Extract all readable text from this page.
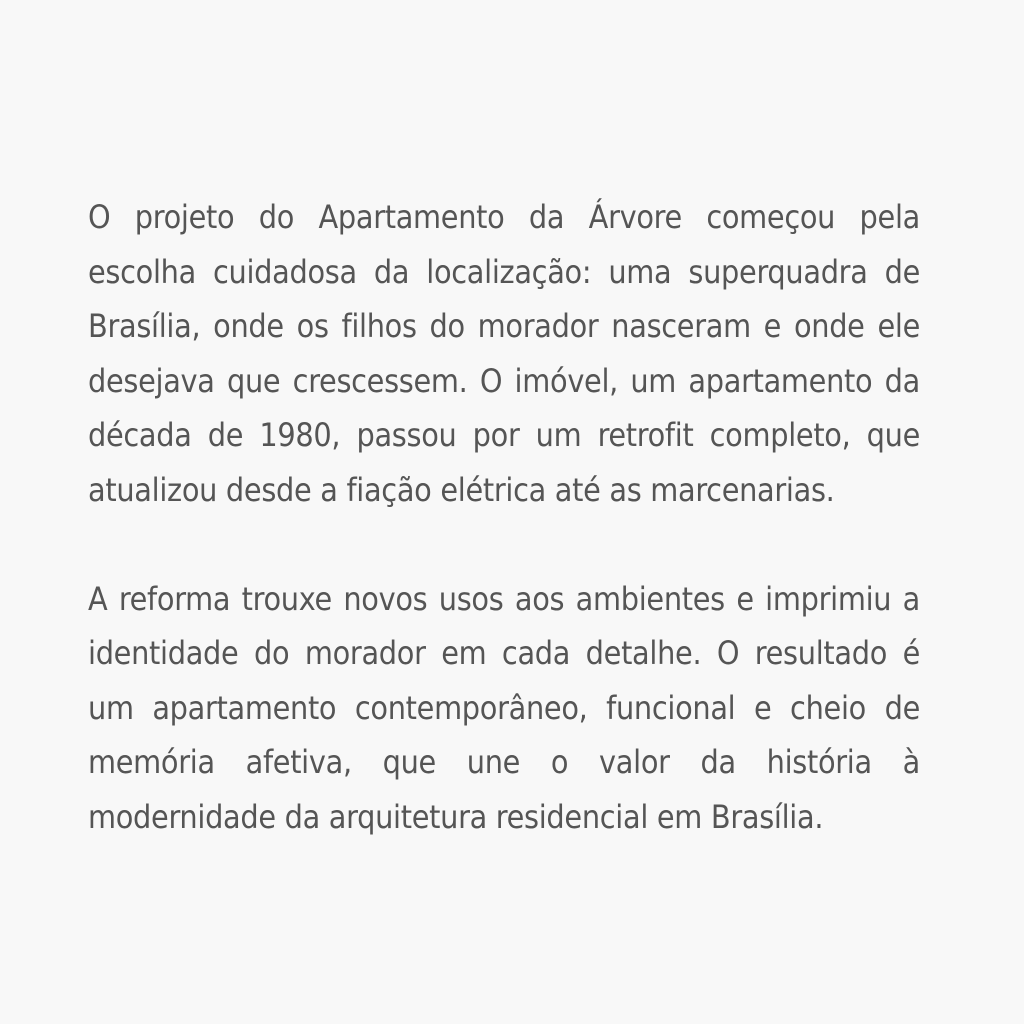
O projeto do Apartamento da Árvore começou pela escolha cuidadosa da localização: uma superquadra de Brasília, onde os filhos do morador nasceram e onde ele desejava que crescessem. O imóvel, um apartamento da década de 1980, passou por um retrofit completo, que atualizou desde a fiação elétrica até as marcenarias.

A reforma trouxe novos usos aos ambientes e imprimiu a identidade do morador em cada detalhe. O resultado é um apartamento contemporâneo, funcional e cheio de memória afetiva, que une o valor da história à modernidade da arquitetura residencial em Brasília.
